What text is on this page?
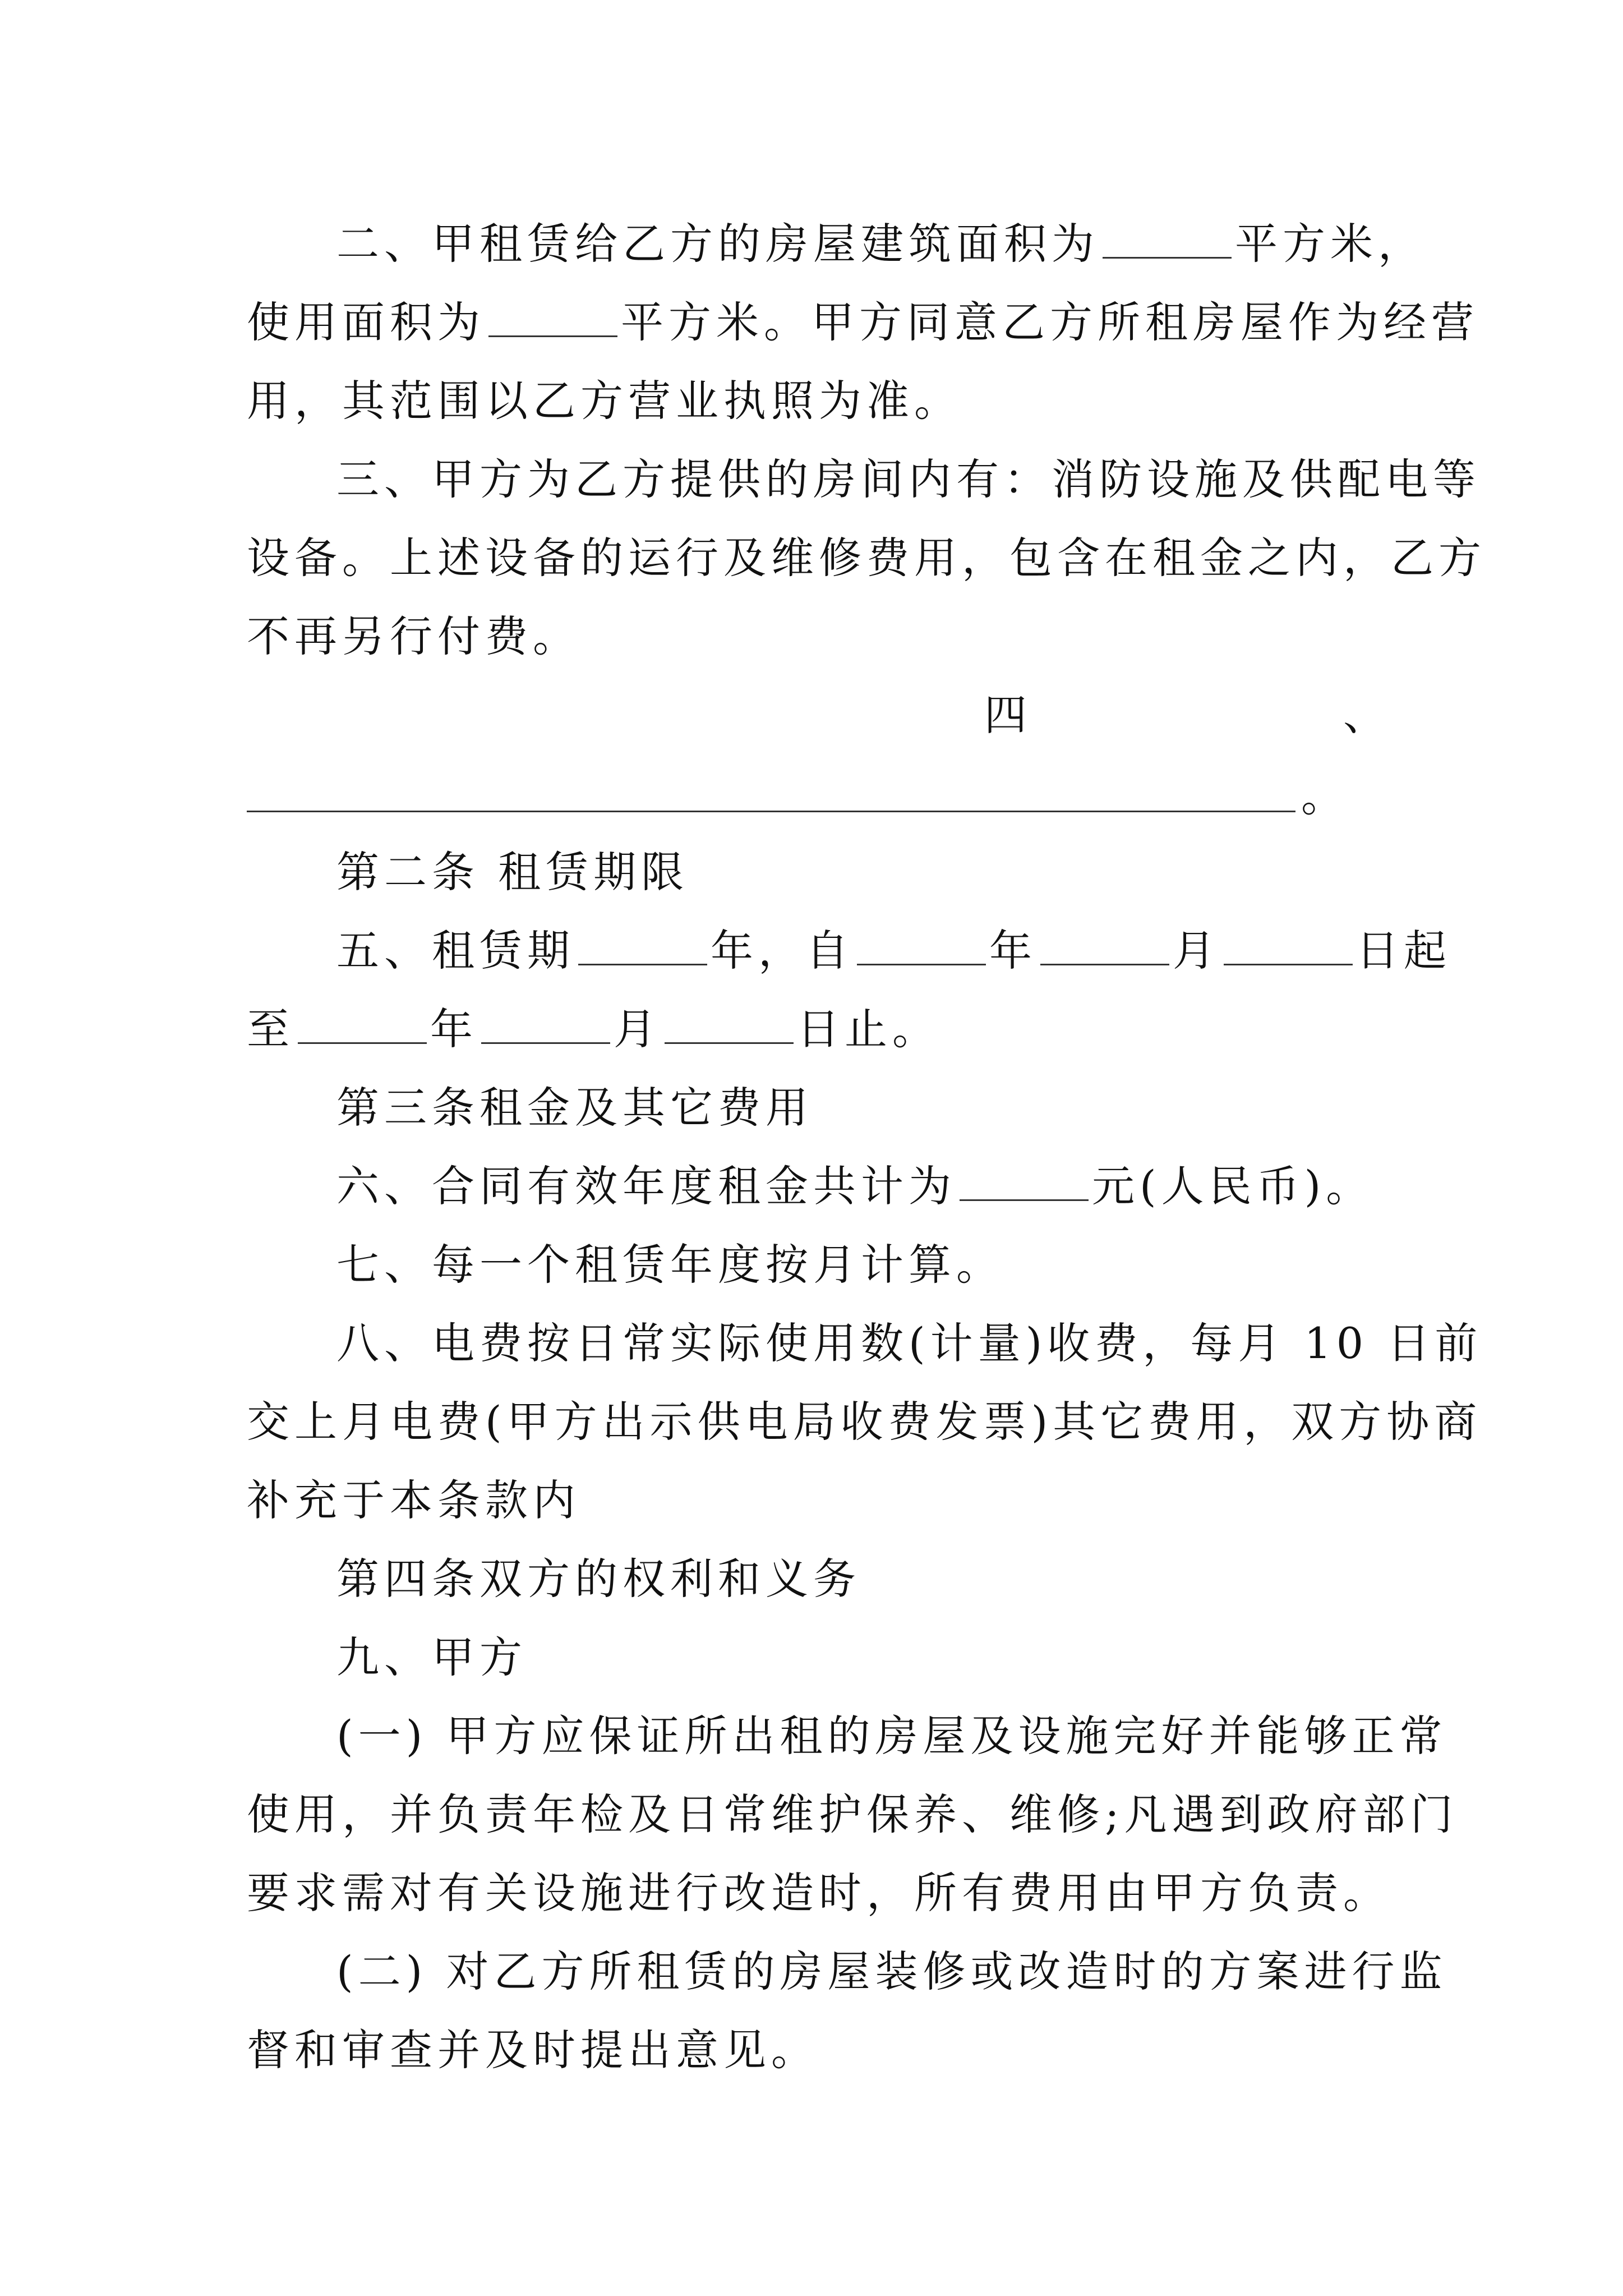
二、甲租赁给乙方的房屋建筑面积为	平方米，
使用面积为	平方米。甲方同意乙方所租房屋作为经营
用，其范围以乙方营业执照为准。
三、甲方为乙方提供的房间内有：消防设施及供配电等
设备。上述设备的运行及维修费用，包含在租金之内，乙方
不再另行付费。
四	、
。
第二条 租赁期限
五、租赁期	年，自	年	月	日起
至	年	月	日止。
第三条租金及其它费用
六、合同有效年度租金共计为	元(人民币)。
七、每一个租赁年度按月计算。
八、电费按日常实际使用数(计量)收费，每月 10 日前
交上月电费(甲方出示供电局收费发票)其它费用，双方协商
补充于本条款内
第四条双方的权利和义务
九、甲方
(一) 甲方应保证所出租的房屋及设施完好并能够正常
使用，并负责年检及日常维护保养、维修;凡遇到政府部门
要求需对有关设施进行改造时，所有费用由甲方负责。
(二) 对乙方所租赁的房屋装修或改造时的方案进行监
督和审查并及时提出意见。
